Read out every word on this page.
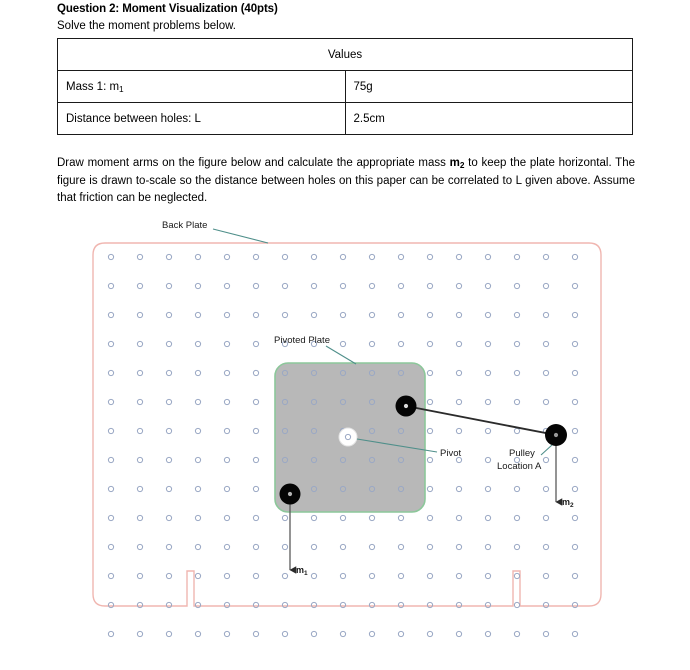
Question 2: Moment Visualization (40pts)
Solve the moment problems below.
Values	
Mass 1: $m_1$	75g
Distance between holes: L	2.5cm
Draw moment arms on the figure below and calculate the appropriate mass $m_2$ to keep the plate horizontal. The figure is drawn to-scale so the distance between holes on this paper can be correlated to L given above. Assume that friction can be neglected.
Back Plate
Pivoted Plate
Pivot	Pulley
Location A
$m_2$
$m_1$
